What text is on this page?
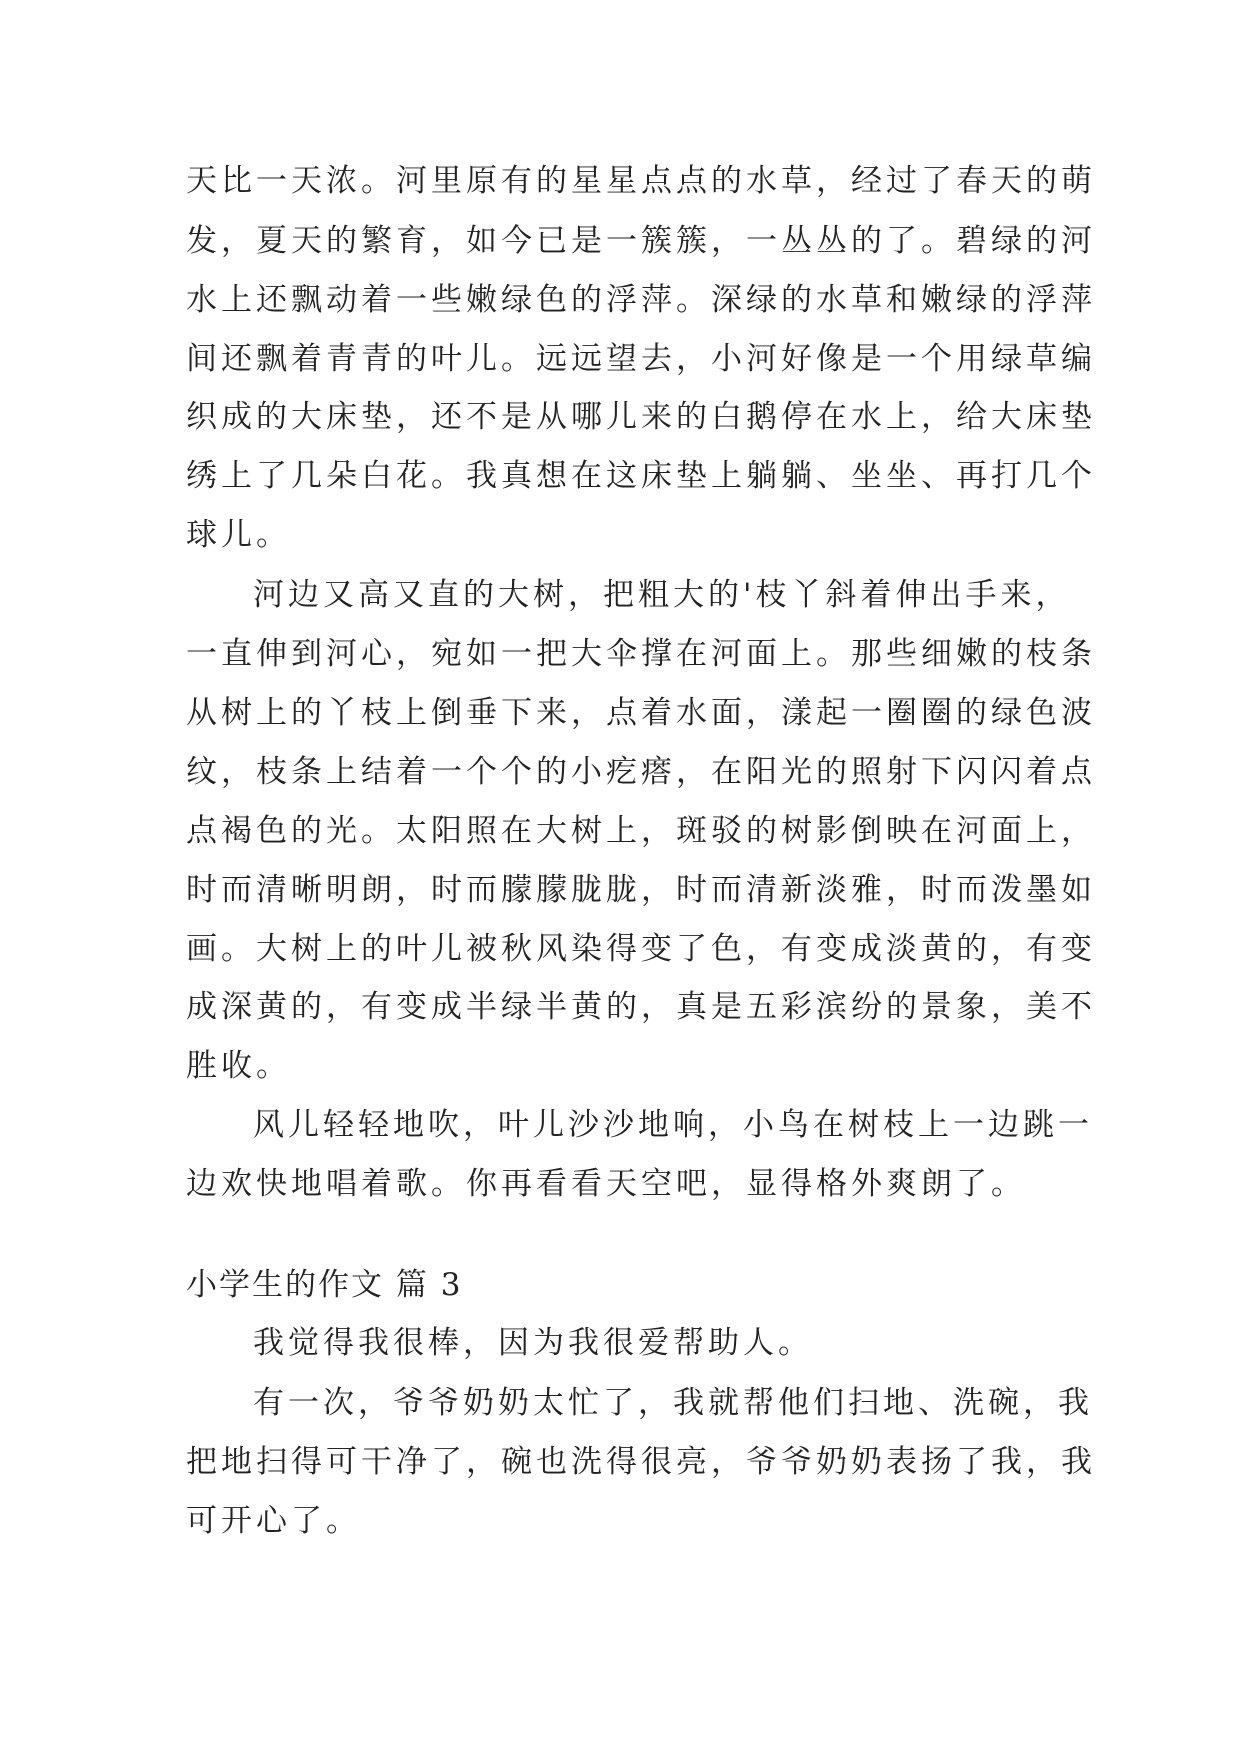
天比一天浓。河里原有的星星点点的水草，经过了春天的萌
发，夏天的繁育，如今已是一簇簇，一丛丛的了。碧绿的河
水上还飘动着一些嫩绿色的浮萍。深绿的水草和嫩绿的浮萍
间还飘着青青的叶儿。远远望去，小河好像是一个用绿草编
织成的大床垫，还不是从哪儿来的白鹅停在水上，给大床垫
绣上了几朵白花。我真想在这床垫上躺躺、坐坐、再打几个
球儿。
河边又高又直的大树，把粗大的'枝丫斜着伸出手来，
一直伸到河心，宛如一把大伞撑在河面上。那些细嫩的枝条
从树上的丫枝上倒垂下来，点着水面，漾起一圈圈的绿色波
纹，枝条上结着一个个的小疙瘩，在阳光的照射下闪闪着点
点褐色的光。太阳照在大树上，斑驳的树影倒映在河面上，
时而清晰明朗，时而朦朦胧胧，时而清新淡雅，时而泼墨如
画。大树上的叶儿被秋风染得变了色，有变成淡黄的，有变
成深黄的，有变成半绿半黄的，真是五彩滨纷的景象，美不
胜收。
风儿轻轻地吹，叶儿沙沙地响，小鸟在树枝上一边跳一
边欢快地唱着歌。你再看看天空吧，显得格外爽朗了。
小学生的作文 篇 3
我觉得我很棒，因为我很爱帮助人。
有一次，爷爷奶奶太忙了，我就帮他们扫地、洗碗，我
把地扫得可干净了，碗也洗得很亮，爷爷奶奶表扬了我，我
可开心了。
